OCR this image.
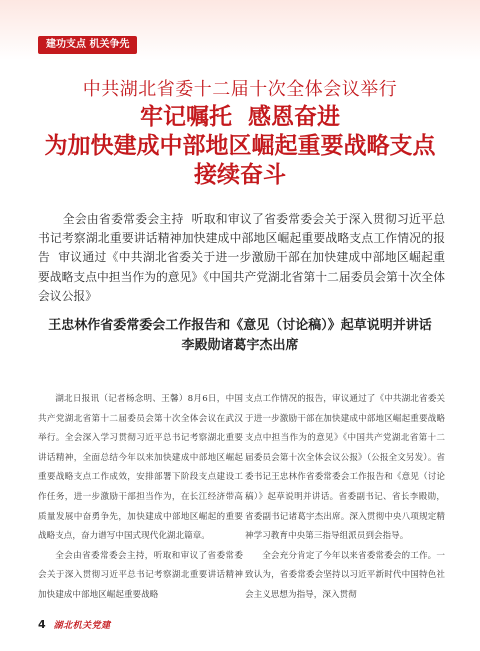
建功支点 机关争先
中共湖北省委十二届十次全体会议举行
牢记嘱托  感恩奋进
为加快建成中部地区崛起重要战略支点
接续奋斗
全会由省委常委会主持  听取和审议了省委常委会关于深入贯彻习近平总书记考察湖北重要讲话精神加快建成中部地区崛起重要战略支点工作情况的报告  审议通过《中共湖北省委关于进一步激励干部在加快建成中部地区崛起重要战略支点中担当作为的意见》《中国共产党湖北省第十二届委员会第十次全体会议公报》
王忠林作省委常委会工作报告和《意见（讨论稿）》起草说明并讲话
李殿勋诸葛宇杰出席

湖北日报讯（记者杨念明、王馨）8月6日，中国共产党湖北省第十二届委员会第十次全体会议在武汉举行。全会深入学习贯彻习近平总书记考察湖北重要讲话精神，全面总结今年以来加快建成中部地区崛起重要战略支点工作成效，安排部署下阶段支点建设工作任务，进一步激励干部担当作为，在长江经济带高质量发展中奋勇争先，加快建成中部地区崛起的重要战略支点，奋力谱写中国式现代化湖北篇章。

全会由省委常委会主持，听取和审议了省委常委会关于深入贯彻习近平总书记考察湖北重要讲话精神加快建成中部地区崛起重要战略

支点工作情况的报告，审议通过了《中共湖北省委关于进一步激励干部在加快建成中部地区崛起重要战略支点中担当作为的意见》《中国共产党湖北省第十二届委员会第十次全体会议公报》（公报全文另发）。省委书记王忠林作省委常委会工作报告和《意见（讨论稿）》起草说明并讲话。省委副书记、省长李殿勋，省委副书记诸葛宇杰出席。深入贯彻中央八项规定精神学习教育中央第三指导组派员到会指导。

全会充分肯定了今年以来省委常委会的工作。一致认为，省委常委会坚持以习近平新时代中国特色社会主义思想为指导，深入贯彻

4 湖北机关党建
